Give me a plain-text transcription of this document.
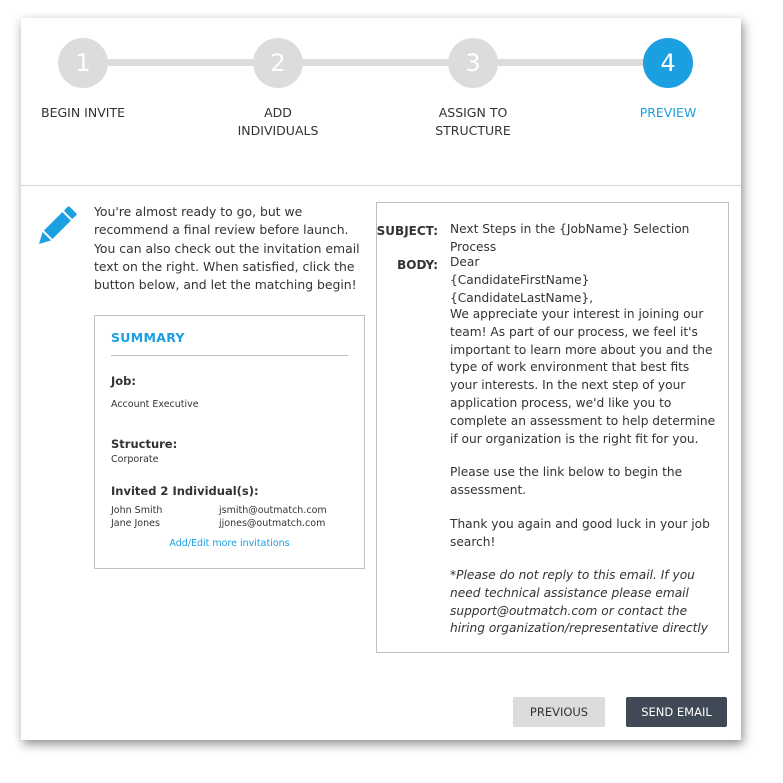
1	2	3	4
BEGIN INVITE	ADD
INDIVIDUALS
ASSIGN TO
STRUCTURE
PREVIEW
You're almost ready to go, but we recommend a final review before launch. You can also check out the invitation email text on the right. When satisfied, click the button below, and let the matching begin!
SUMMARY
Job:
Account Executive
Structure:
Corporate
Invited 2 Individual(s):
John Smith	jsmith@outmatch.com
Jane Jones	jjones@outmatch.com
Add/Edit more invitations
SUBJECT: Next Steps in the {JobName} Selection Process
BODY: Dear {CandidateFirstName} {CandidateLastName},
We appreciate your interest in joining our team! As part of our process, we feel it's important to learn more about you and the type of work environment that best fits your interests. In the next step of your application process, we'd like you to complete an assessment to help determine if our organization is the right fit for you.
Please use the link below to begin the assessment.
Thank you again and good luck in your job search!
*Please do not reply to this email. If you need technical assistance please email support@outmatch.com or contact the hiring organization/representative directly
PREVIOUS	SEND EMAIL
